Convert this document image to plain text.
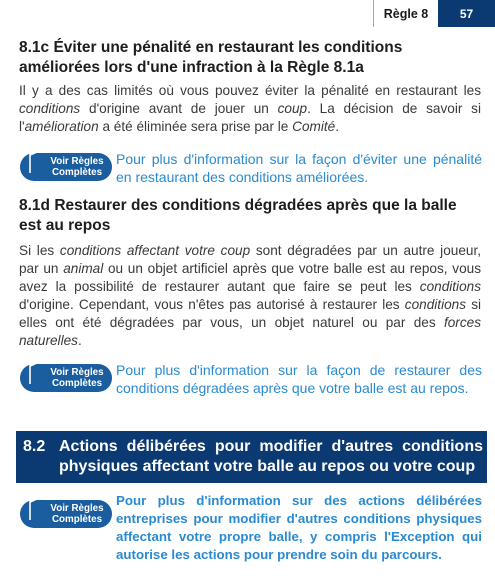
Règle 8	57
8.1c Éviter une pénalité en restaurant les conditions améliorées lors d'une infraction à la Règle 8.1a

Il y a des cas limités où vous pouvez éviter la pénalité en restaurant les conditions d'origine avant de jouer un coup. La décision de savoir si l'amélioration a été éliminée sera prise par le Comité.

Voir Règles
Complètes
Pour plus d'information sur la façon d'éviter une pénalité en restaurant des conditions améliorées.
8.1d Restaurer des conditions dégradées après que la balle est au repos

Si les conditions affectant votre coup sont dégradées par un autre joueur, par un animal ou un objet artificiel après que votre balle est au repos, vous avez la possibilité de restaurer autant que faire se peut les conditions d'origine. Cependant, vous n'êtes pas autorisé à restaurer les conditions si elles ont été dégradées par vous, un objet naturel ou par des forces naturelles.

Voir Règles
Complètes
Pour plus d'information sur la façon de restaurer des conditions dégradées après que votre balle est au repos.
8.2 Actions délibérées pour modifier d'autres conditions physiques affectant votre balle au repos ou votre coup
Voir Règles
Complètes
Pour plus d'information sur des actions délibérées entreprises pour modifier d'autres conditions physiques affectant votre propre balle, y compris l'Exception qui autorise les actions pour prendre soin du parcours.
